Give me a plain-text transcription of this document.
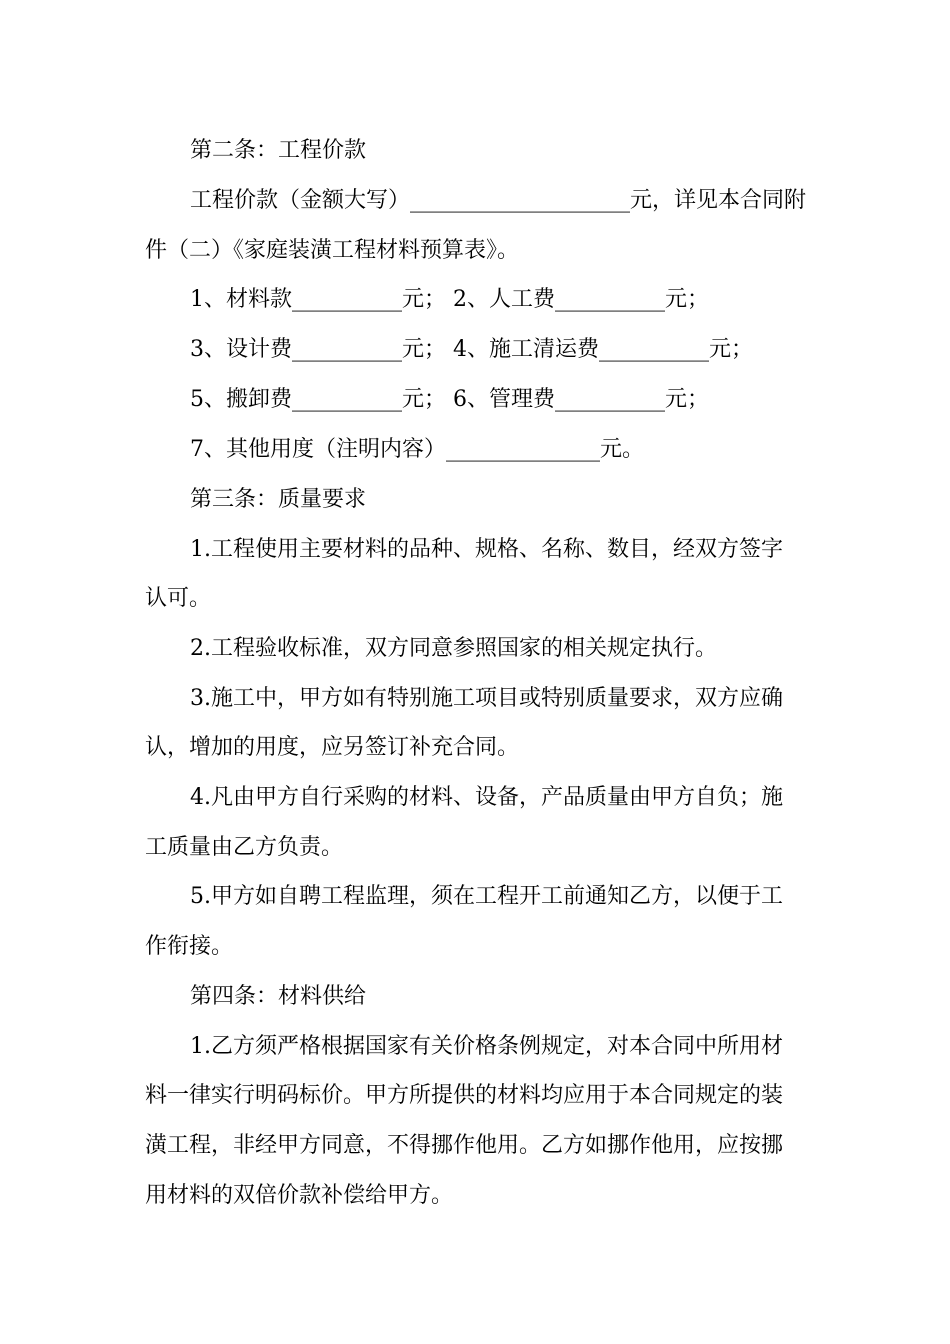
第二条：工程价款
工程价款（金额大写）____________________元，详见本合同附
件（二）《家庭装潢工程材料预算表》。
1、材料款__________元； 2、人工费__________元；
3、设计费__________元； 4、施工清运费__________元；
5、搬卸费__________元； 6、管理费__________元；
7、其他用度（注明内容）______________元。
第三条：质量要求
1.工程使用主要材料的品种、规格、名称、数目，经双方签字
认可。
2.工程验收标准，双方同意参照国家的相关规定执行。
3.施工中，甲方如有特别施工项目或特别质量要求，双方应确
认，增加的用度，应另签订补充合同。
4.凡由甲方自行采购的材料、设备，产品质量由甲方自负；施
工质量由乙方负责。
5.甲方如自聘工程监理，须在工程开工前通知乙方，以便于工
作衔接。
第四条：材料供给
1.乙方须严格根据国家有关价格条例规定，对本合同中所用材
料一律实行明码标价。甲方所提供的材料均应用于本合同规定的装
潢工程，非经甲方同意，不得挪作他用。乙方如挪作他用，应按挪
用材料的双倍价款补偿给甲方。
